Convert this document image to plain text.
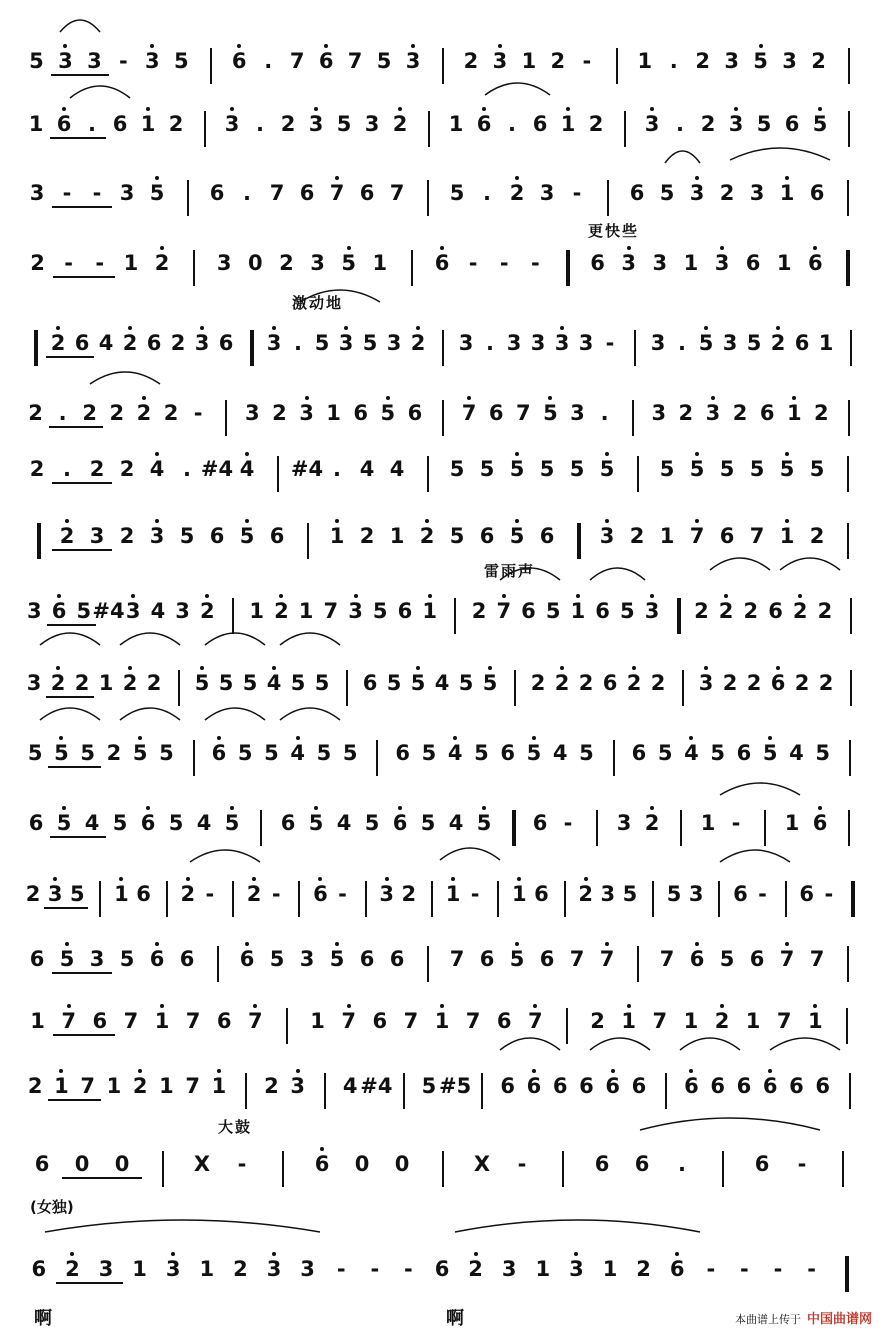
更快些
激动地
雷雨声
大鼓
(女独)
啊	啊	本曲谱上传于 中国曲谱网
5 3 3 - 3 5 6 . 7 6 7 5 3 2 3 1 2 - 1 . 2 3 5 3 2
1 6 . 6 1 2 3 . 2 3 5 3 2 1 6 . 6 1 2 3 . 2 3 5 6 5
3 - - 3 5 6 . 7 6 7 6 7 5 . 2 3 - 6 5 3 2 3 1 6
2 - - 1 2 3 0 2 3 5 1 6 - - - 6 3 3 1 3 6 1 6
2 6 4 2 6 2 3 6 3 . 5 3 5 3 2 3 . 3 3 3 3 - 3 . 5 3 5 2 6 1
2 . 2 2 2 2 - 3 2 3 1 6 5 6 7 6 7 5 3 . 3 2 3 2 6 1 2
2 . 2 2 4 . #4 4 #4 . 4 4 5 5 5 5 5 5 5 5 5 5 5 5
2 3 2 3 5 6 5 6 1 2 1 2 5 6 5 6 3 2 1 7 6 7 1 2
3 6 5 #4 3 4 3 2 1 2 1 7 3 5 6 1 2 7 6 5 1 6 5 3 2 2 2 6 2 2
3 2 2 1 2 2 5 5 5 4 5 5 6 5 5 4 5 5 2 2 2 6 2 2 3 2 2 6 2 2
5 5 5 2 5 5 6 5 5 4 5 5 6 5 4 5 6 5 4 5 6 5 4 5 6 5 4 5
6 5 4 5 6 5 4 5 6 5 4 5 6 5 4 5 6 - 3 2 1 - 1 6
2 3 5 1 6 2 - 2 - 6 - 3 2 1 - 1 6 2 3 5 5 3 6 - 6 -
6 5 3 5 6 6 6 5 3 5 6 6 7 6 5 6 7 7 7 6 5 6 7 7
1 7 6 7 1 7 6 7 1 7 6 7 1 7 6 7 2 1 7 1 2 1 7 1
2 1 7 1 2 1 7 1 2 3 4 #4 5 #5 6 6 6 6 6 6 6 6 6 6 6 6
6 0 0	X -	6 0 0	X -	6 6 .	6 -
6 2 3 1 3 1 2 3 3 - - - 6 2 3 1 3 1 2 6 - - - -
